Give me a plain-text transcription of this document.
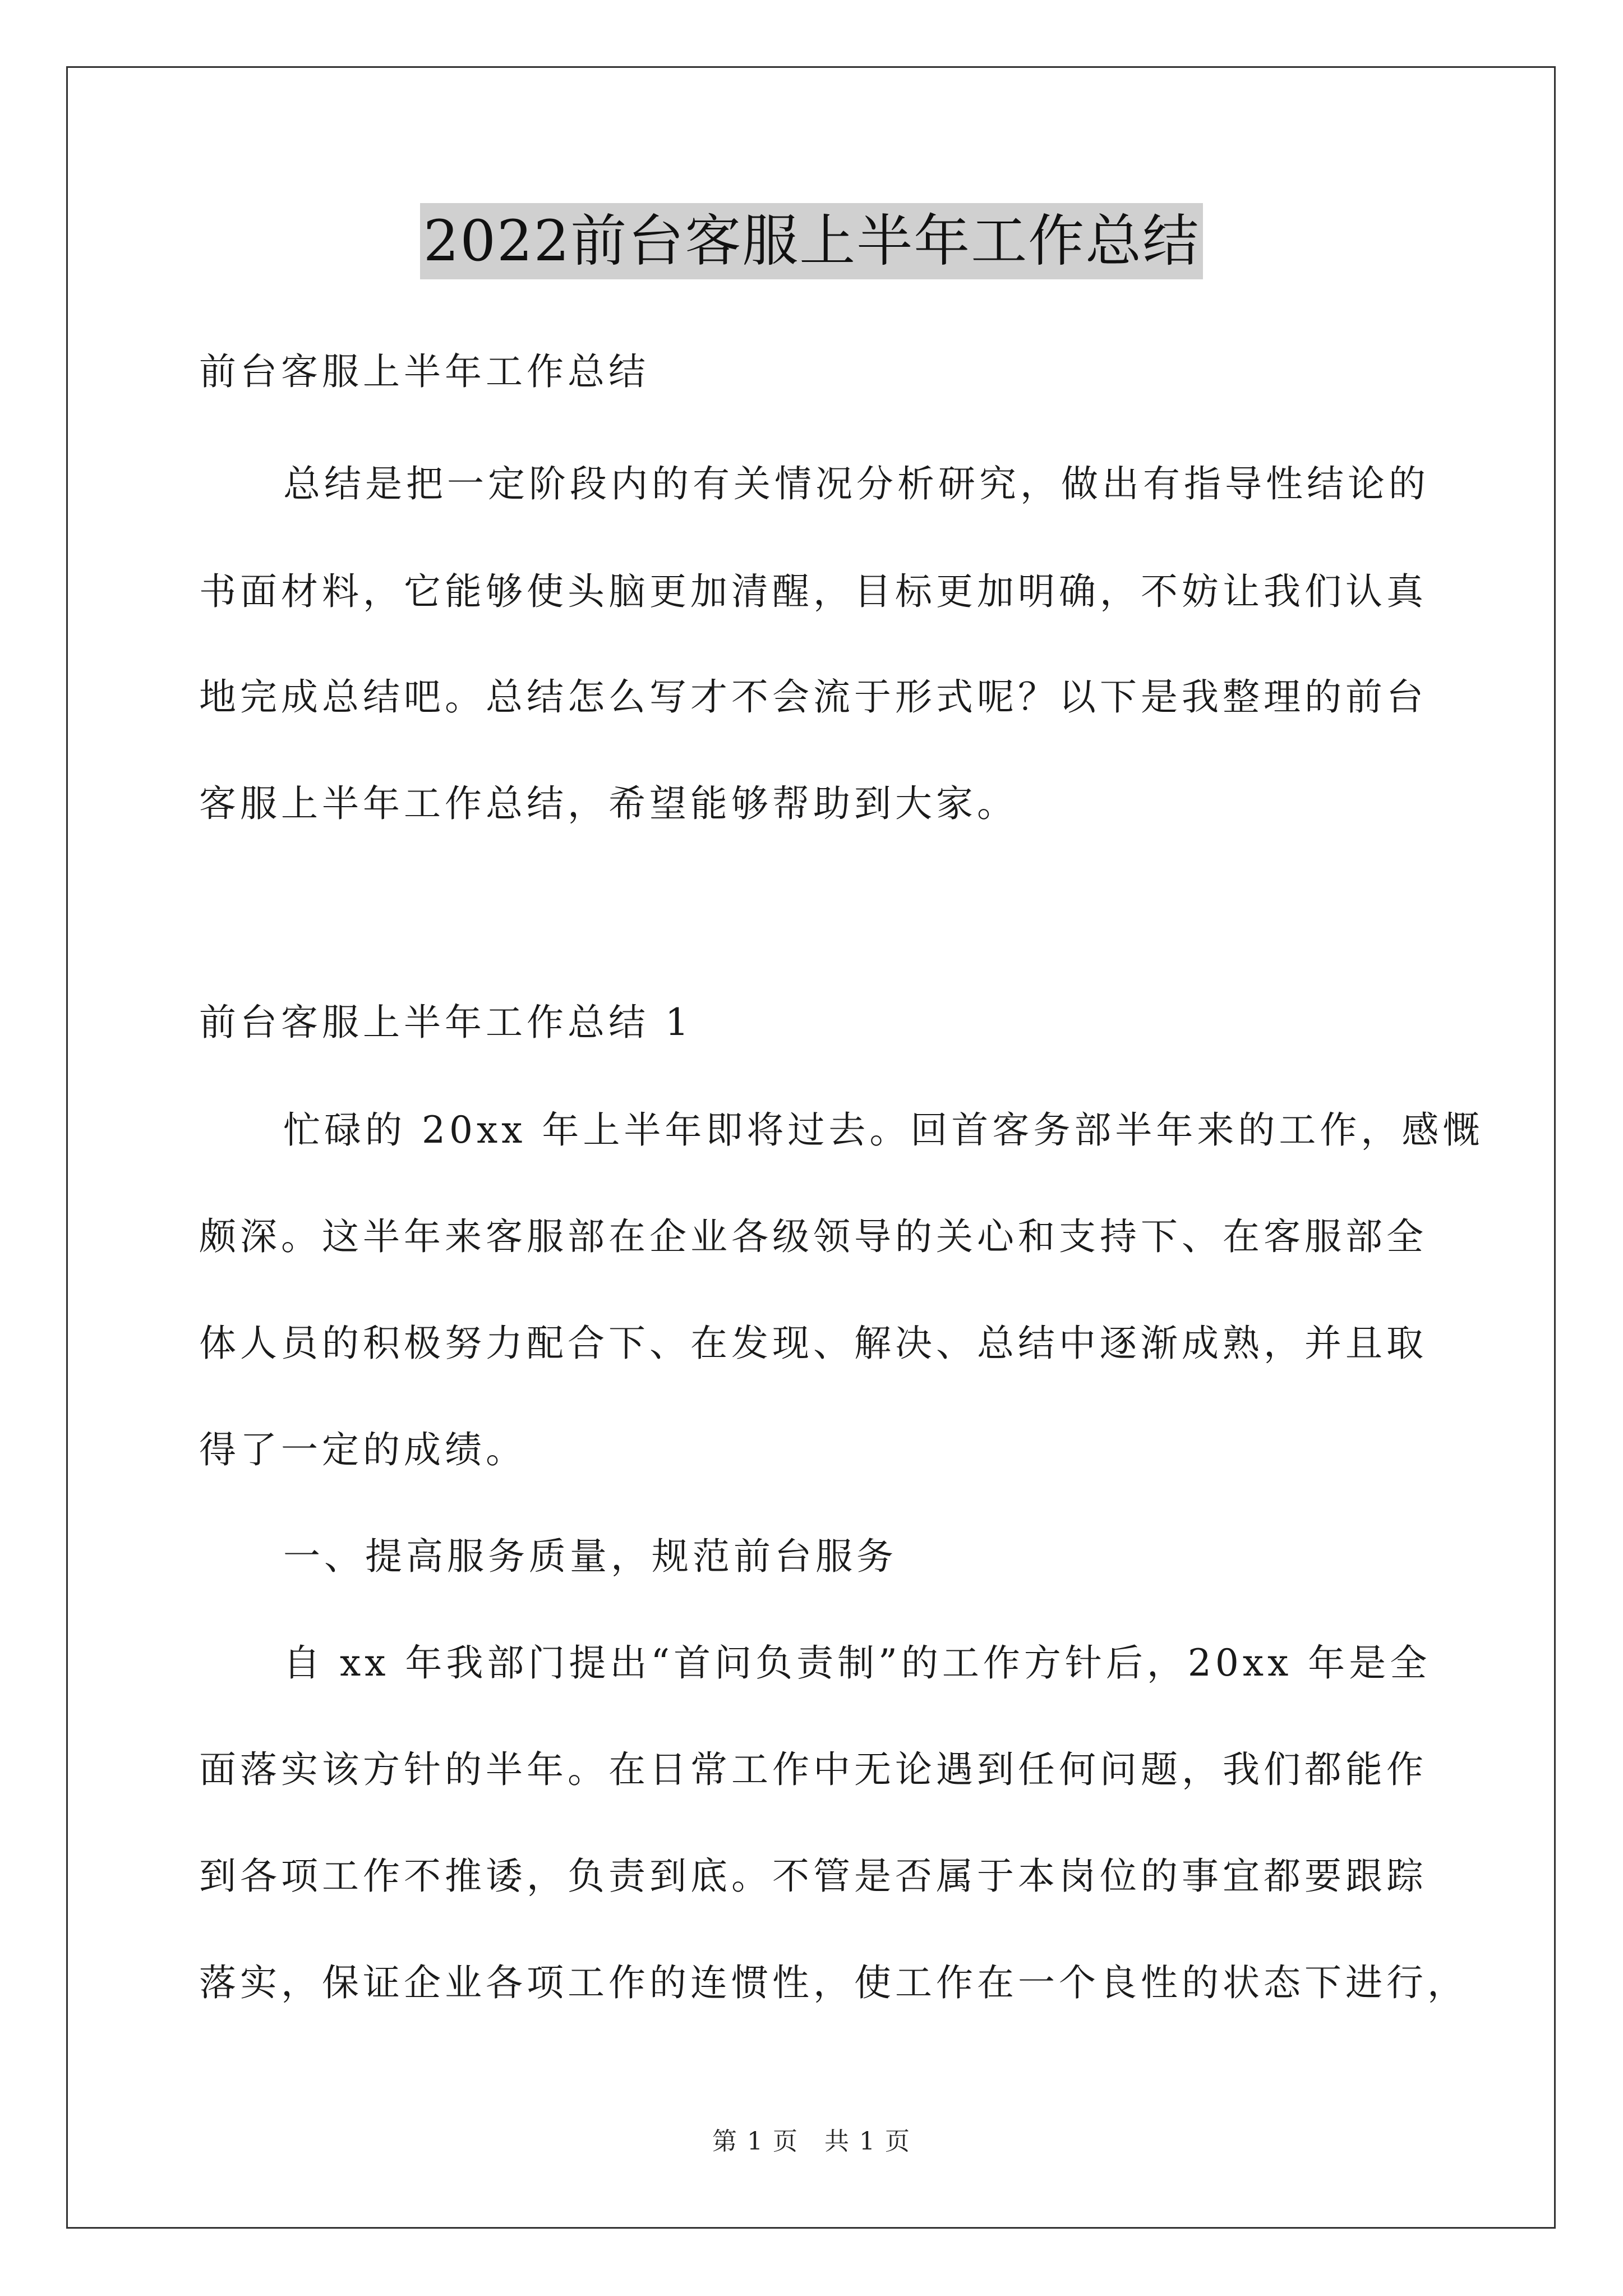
2022前台客服上半年工作总结
前台客服上半年工作总结
总结是把一定阶段内的有关情况分析研究，做出有指导性结论的
书面材料，它能够使头脑更加清醒，目标更加明确，不妨让我们认真
地完成总结吧。总结怎么写才不会流于形式呢？以下是我整理的前台
客服上半年工作总结，希望能够帮助到大家。
前台客服上半年工作总结 1
忙碌的 20xx 年上半年即将过去。回首客务部半年来的工作，感慨
颇深。这半年来客服部在企业各级领导的关心和支持下、在客服部全
体人员的积极努力配合下、在发现、解决、总结中逐渐成熟，并且取
得了一定的成绩。
一、提高服务质量，规范前台服务
自 xx 年我部门提出“首问负责制”的工作方针后，20xx 年是全
面落实该方针的半年。在日常工作中无论遇到任何问题，我们都能作
到各项工作不推诿，负责到底。不管是否属于本岗位的事宜都要跟踪
落实，保证企业各项工作的连惯性，使工作在一个良性的状态下进行，
第 1 页　共 1 页
